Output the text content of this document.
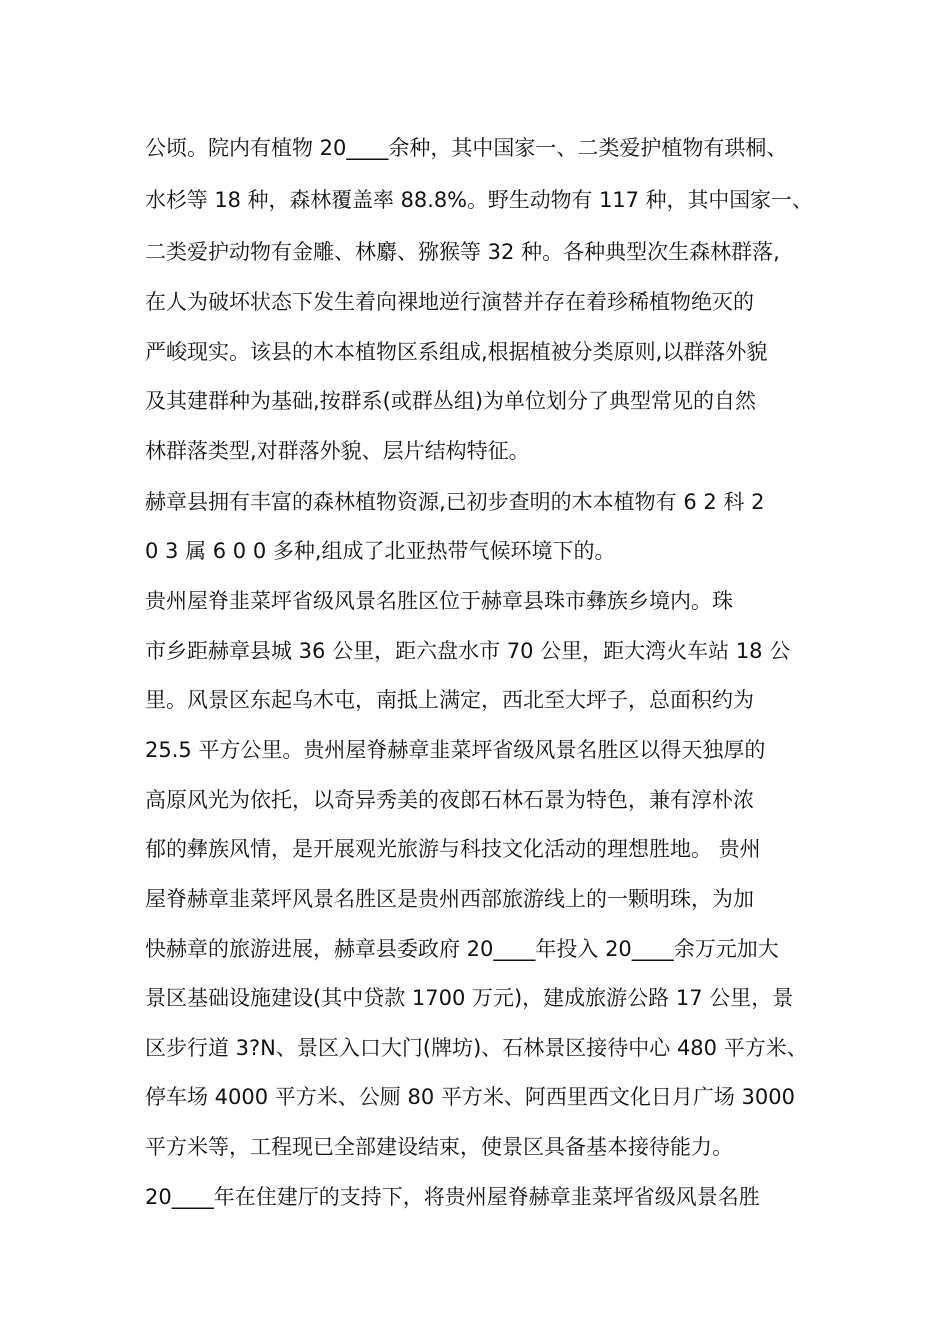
公顷。院内有植物 20____余种，其中国家一、二类爱护植物有珙桐、
水杉等 18 种，森林覆盖率 88.8%。野生动物有 117 种，其中国家一、
二类爱护动物有金雕、林麝、猕猴等 32 种。各种典型次生森林群落,
在人为破坏状态下发生着向裸地逆行演替并存在着珍稀植物绝灭的
严峻现实。该县的木本植物区系组成,根据植被分类原则,以群落外貌
及其建群种为基础,按群系(或群丛组)为单位划分了典型常见的自然
林群落类型,对群落外貌、层片结构特征。
赫章县拥有丰富的森林植物资源,已初步查明的木本植物有 6 2 科 2
0 3 属 6 0 0 多种,组成了北亚热带气候环境下的。
贵州屋脊韭菜坪省级风景名胜区位于赫章县珠市彝族乡境内。珠
市乡距赫章县城 36 公里，距六盘水市 70 公里，距大湾火车站 18 公
里。风景区东起乌木屯，南抵上满定，西北至大坪子，总面积约为
25.5 平方公里。贵州屋脊赫章韭菜坪省级风景名胜区以得天独厚的
高原风光为依托，以奇异秀美的夜郎石林石景为特色，兼有淳朴浓
郁的彝族风情，是开展观光旅游与科技文化活动的理想胜地。 贵州
屋脊赫章韭菜坪风景名胜区是贵州西部旅游线上的一颗明珠，为加
快赫章的旅游进展，赫章县委政府 20____年投入 20____余万元加大
景区基础设施建设(其中贷款 1700 万元)，建成旅游公路 17 公里，景
区步行道 3?N、景区入口大门(牌坊)、石林景区接待中心 480 平方米、
停车场 4000 平方米、公厕 80 平方米、阿西里西文化日月广场 3000
平方米等，工程现已全部建设结束，使景区具备基本接待能力。
20____年在住建厅的支持下，将贵州屋脊赫章韭菜坪省级风景名胜
